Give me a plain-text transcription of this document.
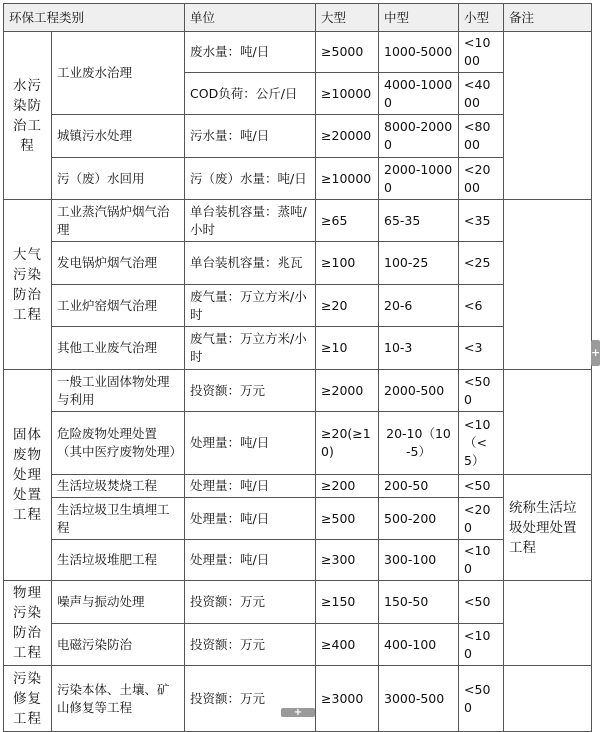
环保工程类别		单位	大型	中型	小型	备注
水污染防治工程	工业废水治理	废水量：吨/日	≥5000	1000-5000	<1000	
		COD负荷：公斤/日	≥10000	4000-10000	<4000	
	城镇污水处理	污水量：吨/日	≥20000	8000-20000	<8000	
	污（废）水回用	污（废）水量：吨/日	≥10000	2000-10000	<2000	
大气污染防治工程	工业蒸汽锅炉烟气治理	单台装机容量：蒸吨/小时	≥65	65-35	<35	
	发电锅炉烟气治理	单台装机容量：兆瓦	≥100	100-25	<25	
	工业炉窑烟气治理	废气量：万立方米/小时	≥20	20-6	<6	
	其他工业废气治理	废气量：万立方米/小时	≥10	10-3	<3	
固体废物处理处置工程	一般工业固体物处理与利用	投资额：万元	≥2000	2000-500	<500	
	危险废物处理处置（其中医疗废物处理）	处理量：吨/日	≥20(≥10)	20-10（10-5）	<10（<5）	
	生活垃圾焚烧工程	处理量：吨/日	≥200	200-50	<50	统称生活垃圾处理处置工程
	生活垃圾卫生填埋工程	处理量：吨/日	≥500	500-200	<200	
	生活垃圾堆肥工程	处理量：吨/日	≥300	300-100	<100	
物理污染防治工程	噪声与振动处理	投资额：万元	≥150	150-50	<50	
	电磁污染防治	投资额：万元	≥400	400-100	<100	
污染修复工程	污染本体、土壤、矿山修复等工程	投资额：万元	≥3000	3000-500	<500	
+
+
